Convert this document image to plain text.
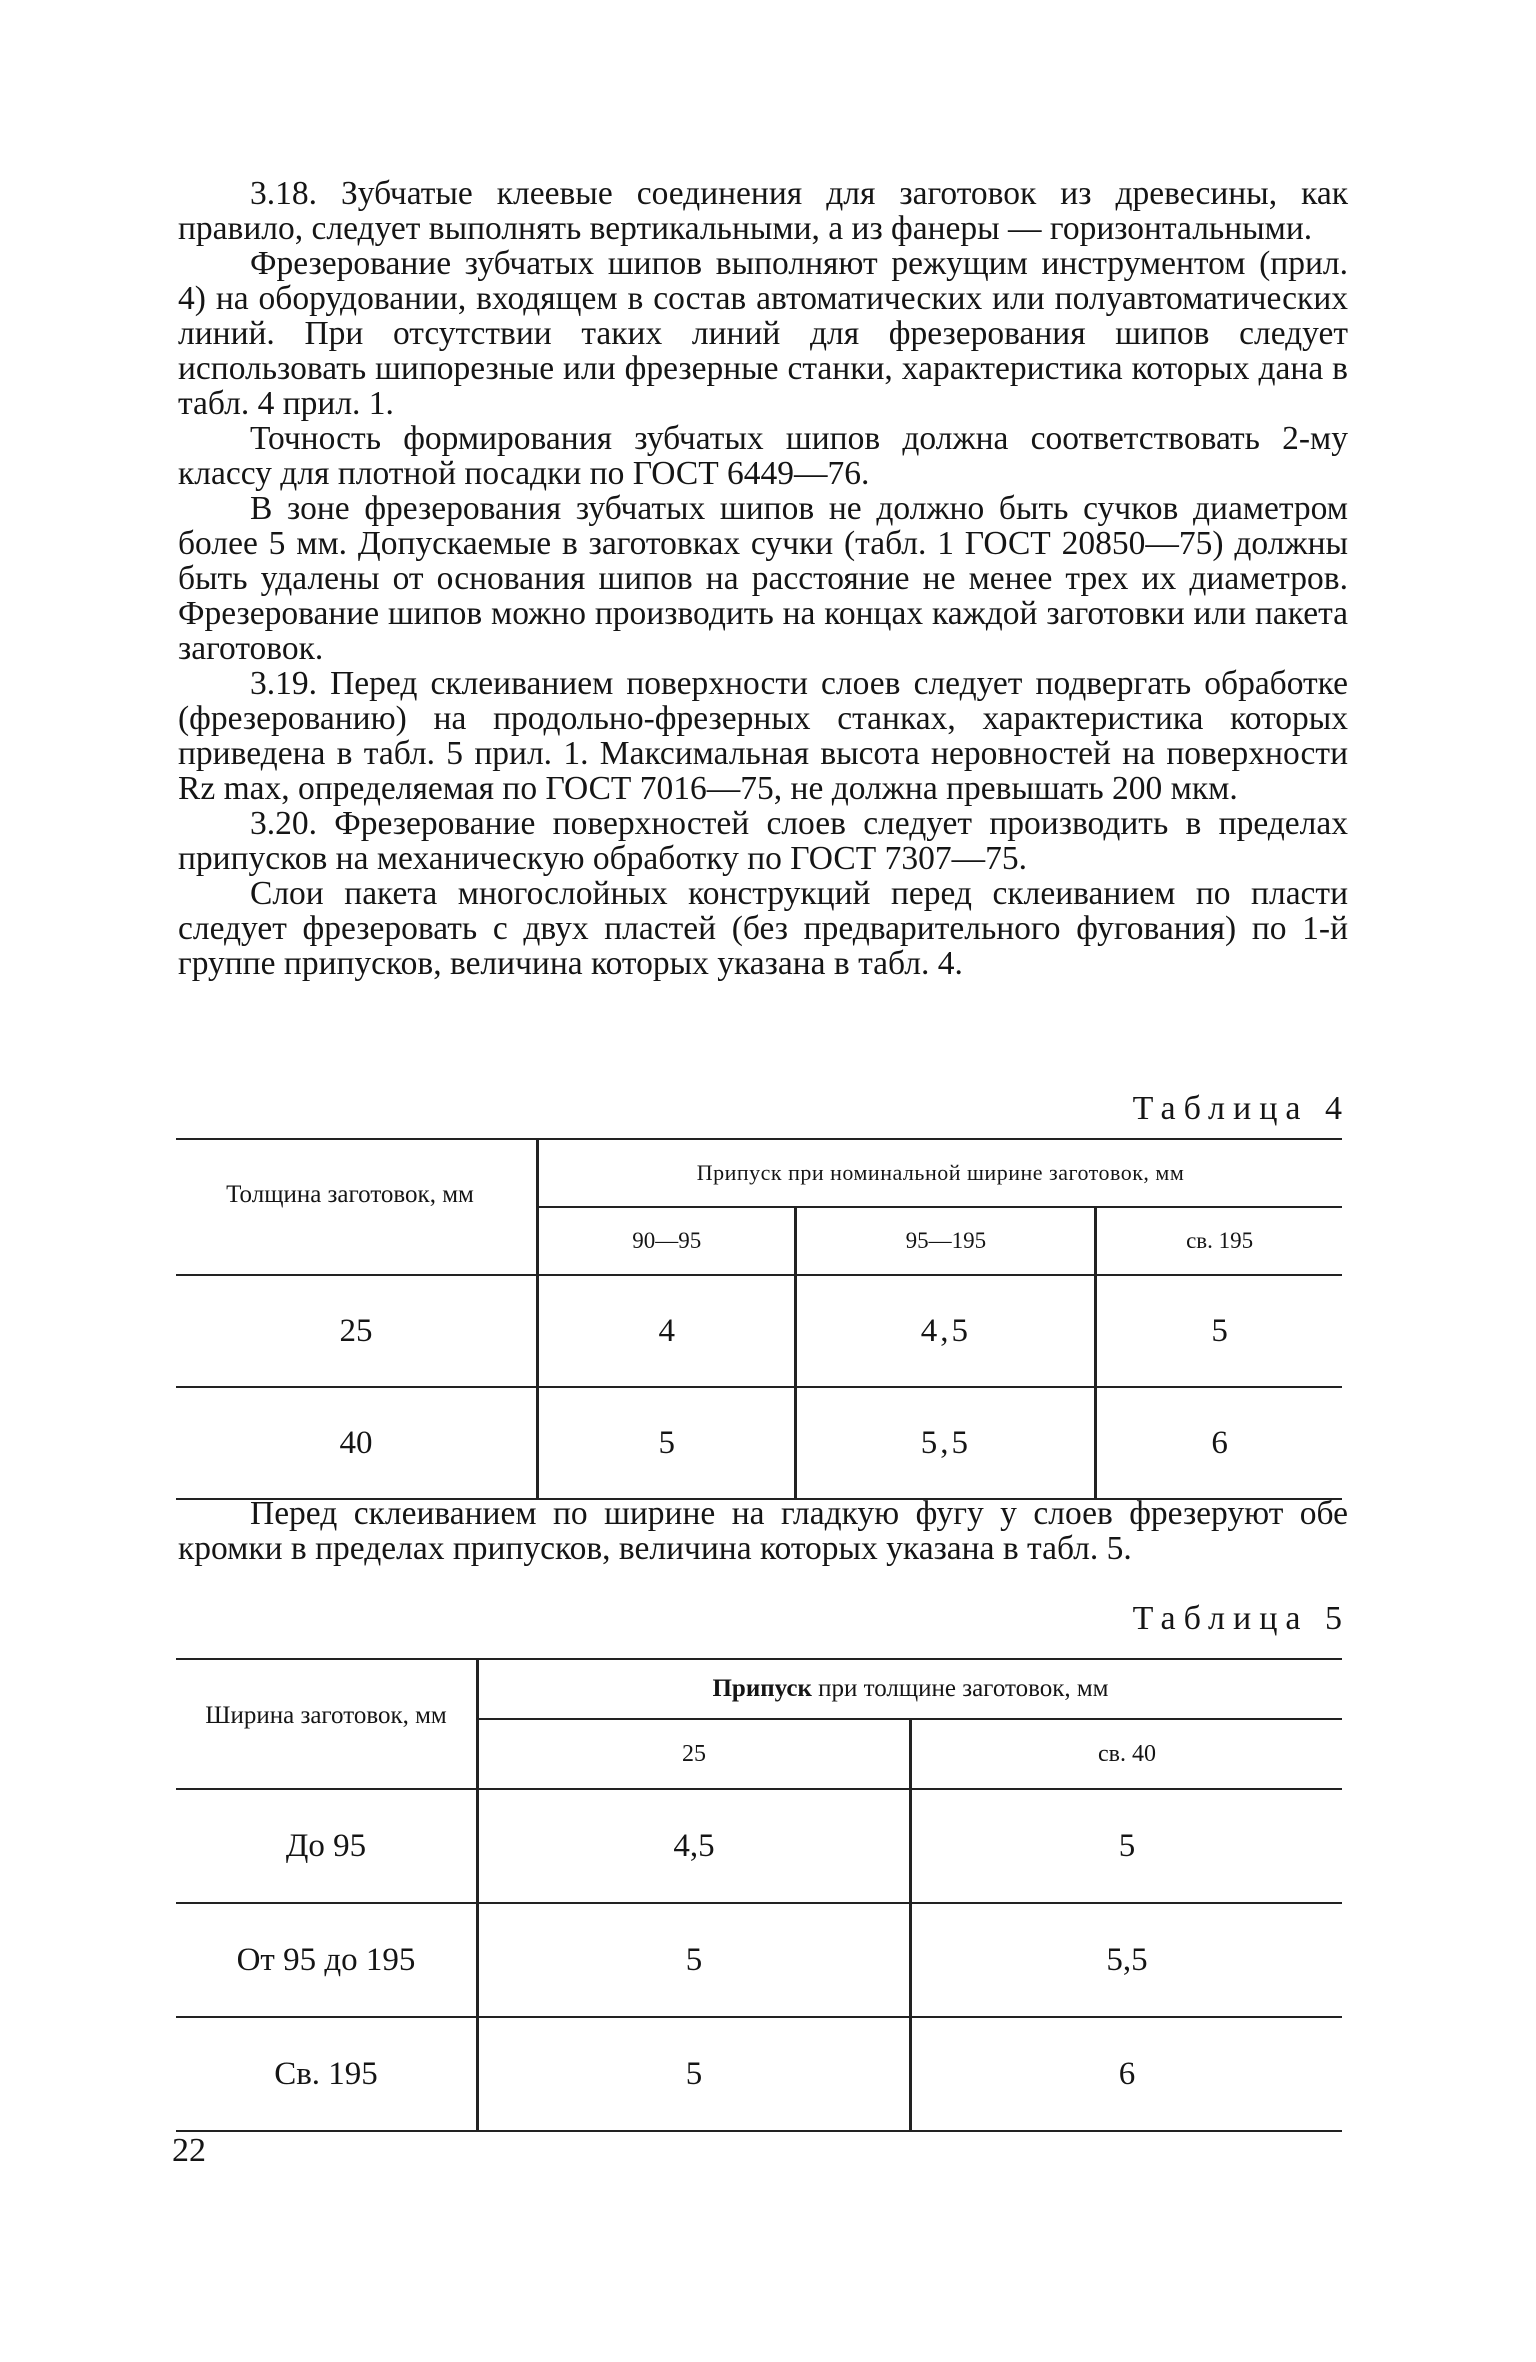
3.18. Зубчатые клеевые соединения для заготовок из древесины, как правило, следует выполнять вертикальными, а из фанеры — горизонтальными.

Фрезерование зубчатых шипов выполняют режущим инструментом (прил. 4) на оборудовании, входящем в состав автоматических или полуавтоматических линий. При отсутствии таких линий для фрезерования шипов следует использовать шипорезные или фрезерные станки, характеристика которых дана в табл. 4 прил. 1.

Точность формирования зубчатых шипов должна соответствовать 2-му классу для плотной посадки по ГОСТ 6449—76.

В зоне фрезерования зубчатых шипов не должно быть сучков диаметром более 5 мм. Допускаемые в заготовках сучки (табл. 1 ГОСТ 20850—75) должны быть удалены от основания шипов на расстояние не менее трех их диаметров. Фрезерование шипов можно производить на концах каждой заготовки или пакета заготовок.

3.19. Перед склеиванием поверхности слоев следует подвергать обработке (фрезерованию) на продольно-фрезерных станках, характеристика которых приведена в табл. 5 прил. 1. Максимальная высота неровностей на поверхности Rz max, определяемая по ГОСТ 7016—75, не должна превышать 200 мкм.

3.20. Фрезерование поверхностей слоев следует производить в пределах припусков на механическую обработку по ГОСТ 7307—75.

Слои пакета многослойных конструкций перед склеиванием по пласти следует фрезеровать с двух пластей (без предварительного фугования) по 1-й группе припусков, величина которых указана в табл. 4.

Таблица 4
Толщина заготовок, мм	Припуск при номинальной ширине заготовок, мм		
	90—95	95—195	св. 195
25	4	4,5	5
40	5	5,5	6

Перед склеиванием по ширине на гладкую фугу у слоев фрезеруют обе кромки в пределах припусков, величина которых указана в табл. 5.

Таблица 5
Ширина заготовок, мм	Припуск при толщине заготовок, мм	
	25	св. 40
До 95	4,5	5
От 95 до 195	5	5,5
Св. 195	5	6
22
